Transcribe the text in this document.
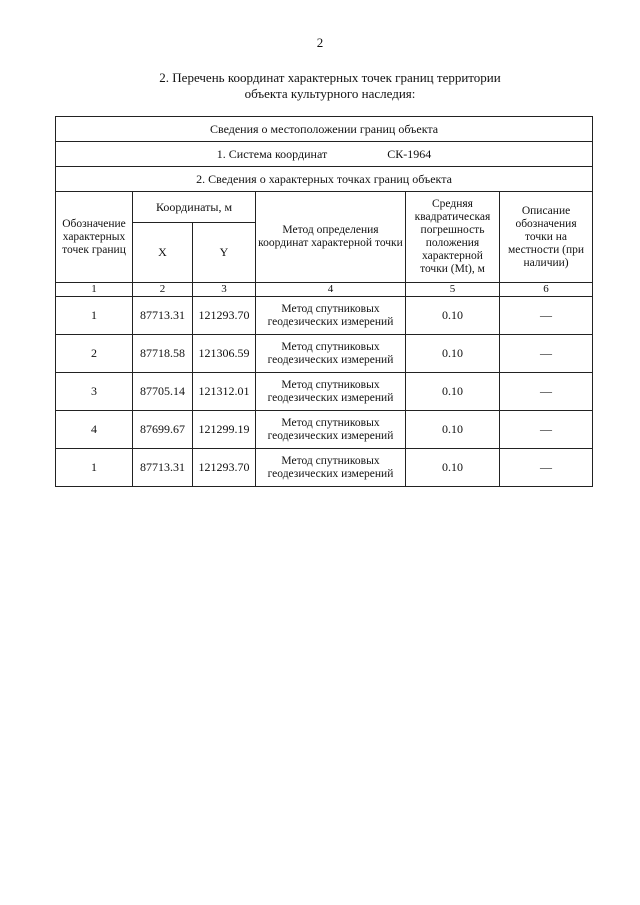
2
2. Перечень координат характерных точек границ территории
объекта культурного наследия:
Сведения о местоположении границ объекта					
1. Система координат СК-1964					
2. Сведения о характерных точках границ объекта					
Обозначение характерных точек границ	Координаты, м		Метод определения координат характерной точки	Средняя квадратическая погрешность положения характерной точки (Mt), м	Описание обозначения точки на местности (при наличии)
	X	Y			
1	2	3	4	5	6
1	87713.31	121293.70	Метод спутниковых геодезических измерений	0.10	—
2	87718.58	121306.59	Метод спутниковых геодезических измерений	0.10	—
3	87705.14	121312.01	Метод спутниковых геодезических измерений	0.10	—
4	87699.67	121299.19	Метод спутниковых геодезических измерений	0.10	—
1	87713.31	121293.70	Метод спутниковых геодезических измерений	0.10	—
